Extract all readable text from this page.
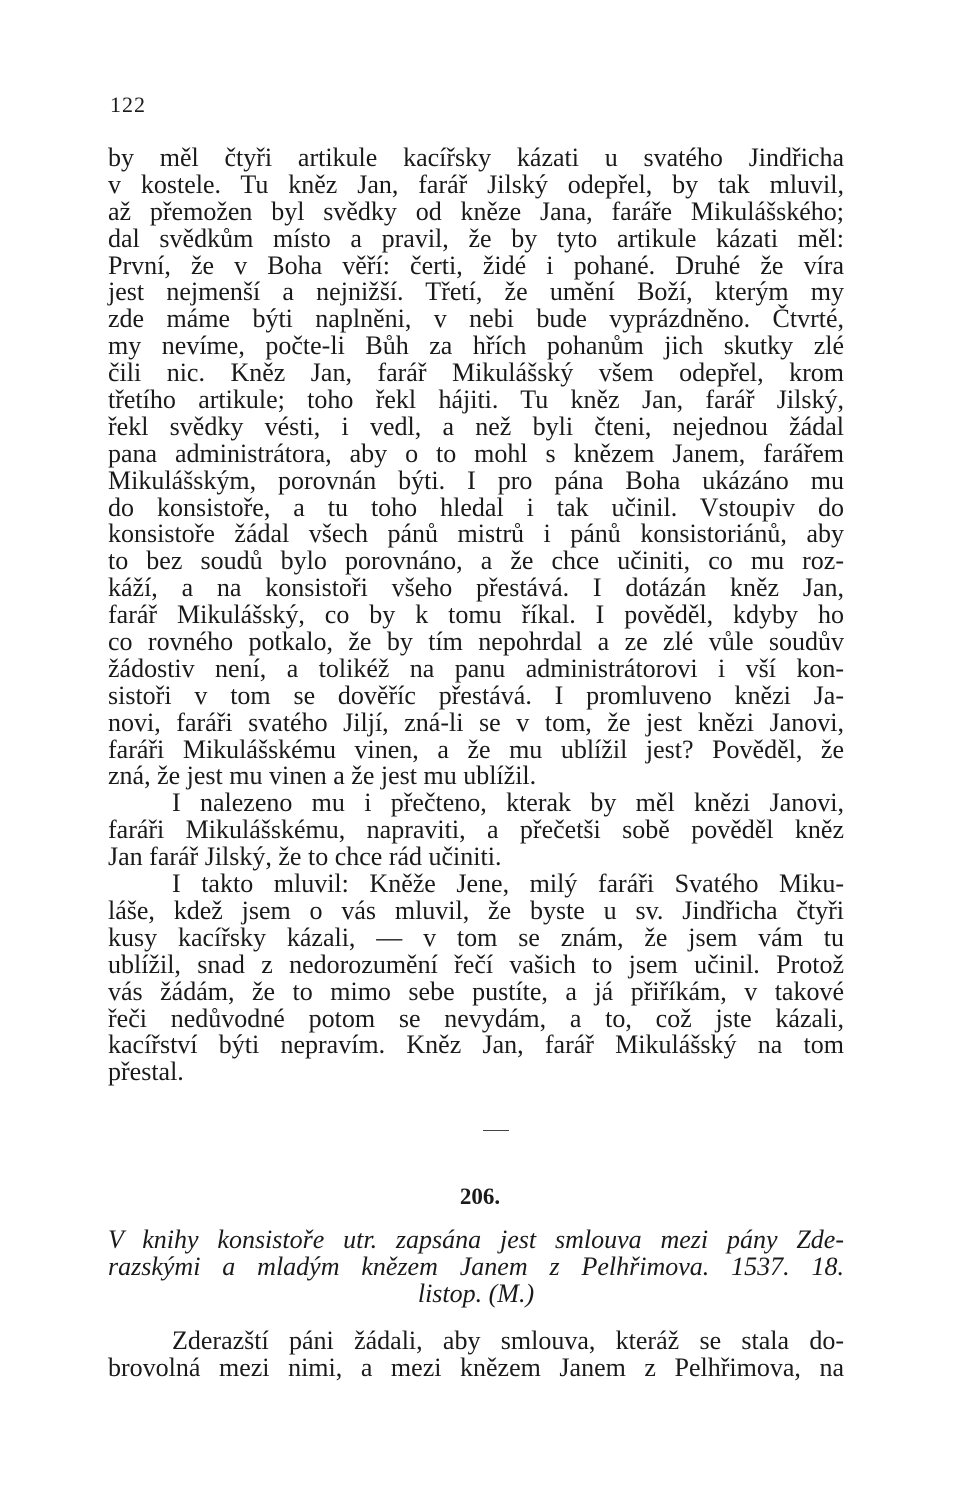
122
by měl čtyři artikule kacířsky kázati u svatého Jindřicha
v kostele. Tu kněz Jan, farář Jilský odepřel, by tak mluvil,
až přemožen byl svědky od kněze Jana, faráře Mikulášského;
dal svědkům místo a pravil, že by tyto artikule kázati měl:
První, že v Boha věří: čerti, židé i pohané. Druhé že víra
jest nejmenší a nejnižší. Třetí, že umění Boží, kterým my
zde máme býti naplněni, v nebi bude vyprázdněno. Čtvrté,
my nevíme, počte-li Bůh za hřích pohanům jich skutky zlé
čili nic. Kněz Jan, farář Mikulášský všem odepřel, krom
třetího artikule; toho řekl hájiti. Tu kněz Jan, farář Jilský,
řekl svědky vésti, i vedl, a než byli čteni, nejednou žádal
pana administrátora, aby o to mohl s knězem Janem, farářem
Mikulášským, porovnán býti. I pro pána Boha ukázáno mu
do konsistoře, a tu toho hledal i tak učinil. Vstoupiv do
konsistoře žádal všech pánů mistrů i pánů konsistoriánů, aby
to bez soudů bylo porovnáno, a že chce učiniti, co mu roz-
káží, a na konsistoři všeho přestává. I dotázán kněz Jan,
farář Mikulášský, co by k tomu říkal. I pověděl, kdyby ho
co rovného potkalo, že by tím nepohrdal a ze zlé vůle soudův
žádostiv není, a tolikéž na panu administrátorovi i vší kon-
sistoři v tom se dověříc přestává. I promluveno knězi Ja-
novi, faráři svatého Jiljí, zná-li se v tom, že jest knězi Janovi,
faráři Mikulášskému vinen, a že mu ublížil jest? Pověděl, že
zná, že jest mu vinen a že jest mu ublížil.
I nalezeno mu i přečteno, kterak by měl knězi Janovi,
faráři Mikulášskému, napraviti, a přečetši sobě pověděl kněz
Jan farář Jilský, že to chce rád učiniti.
I takto mluvil: Kněže Jene, milý faráři Svatého Miku-
láše, kdež jsem o vás mluvil, že byste u sv. Jindřicha čtyři
kusy kacířsky kázali, — v tom se znám, že jsem vám tu
ublížil, snad z nedorozumění řečí vašich to jsem učinil. Protož
vás žádám, že to mimo sebe pustíte, a já přiříkám, v takové
řeči nedůvodné potom se nevydám, a to, což jste kázali,
kacířství býti nepravím. Kněz Jan, farář Mikulášský na tom
přestal.
206.
V knihy konsistoře utr. zapsána jest smlouva mezi pány Zde-
razskými a mladým knězem Janem z Pelhřimova. 1537. 18.
listop. (M.)
Zderazští páni žádali, aby smlouva, kteráž se stala do-
brovolná mezi nimi, a mezi knězem Janem z Pelhřimova, na
